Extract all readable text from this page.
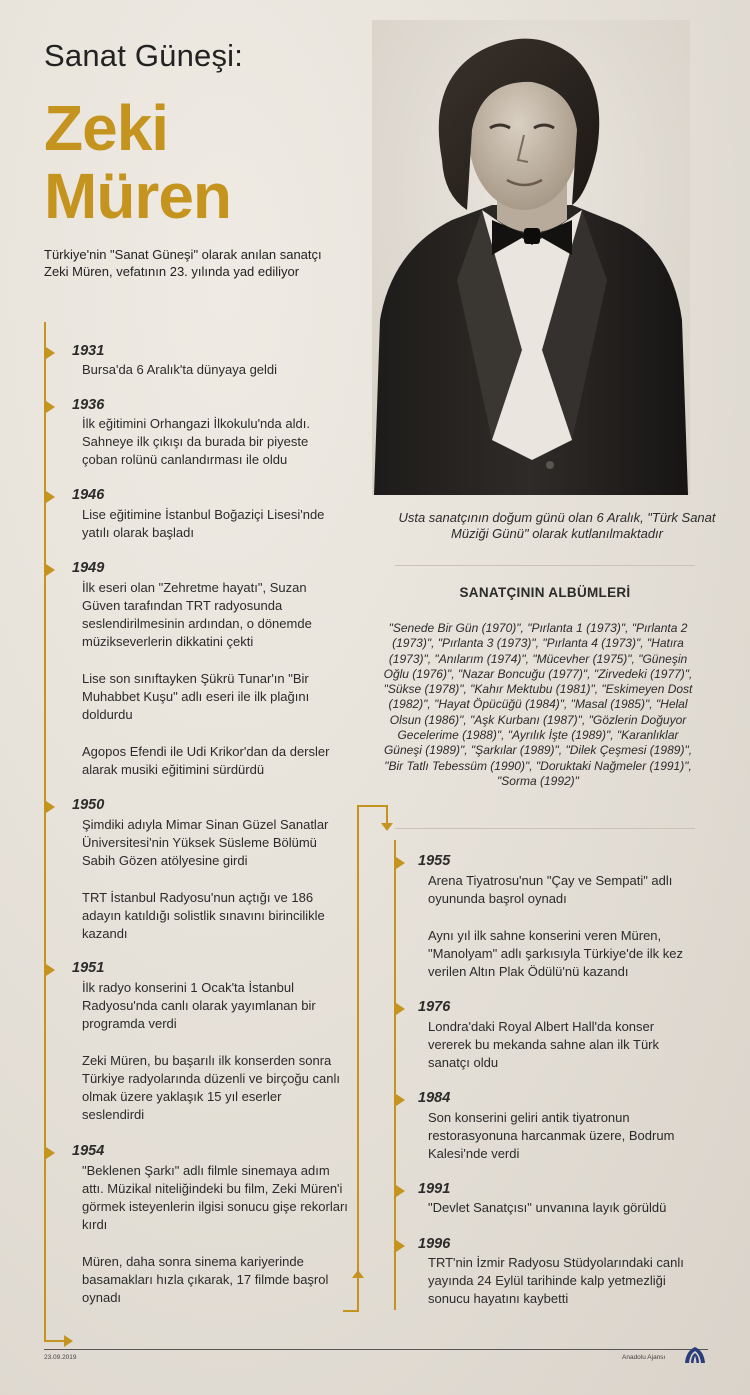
Sanat Güneşi:
Zeki
Müren
Türkiye'nin "Sanat Güneşi" olarak anılan sanatçı Zeki Müren, vefatının 23. yılında yad ediliyor
Usta sanatçının doğum günü olan 6 Aralık, "Türk Sanat Müziği Günü" olarak kutlanılmaktadır
SANATÇININ ALBÜMLERİ
"Senede Bir Gün (1970)", "Pırlanta 1 (1973)", "Pırlanta 2 (1973)", "Pırlanta 3 (1973)", "Pırlanta 4 (1973)", "Hatıra (1973)", "Anılarım (1974)", "Mücevher (1975)", "Güneşin Oğlu (1976)", "Nazar Boncuğu (1977)", "Zirvedeki (1977)", "Sükse (1978)", "Kahır Mektubu (1981)", "Eskimeyen Dost (1982)", "Hayat Öpücüğü (1984)", "Masal (1985)", "Helal Olsun (1986)", "Aşk Kurbanı (1987)", "Gözlerin Doğuyor Gecelerime (1988)", "Ayrılık İşte (1989)", "Karanlıklar Güneşi (1989)", "Şarkılar (1989)", "Dilek Çeşmesi (1989)", "Bir Tatlı Tebessüm (1990)", "Doruktaki Nağmeler (1991)", "Sorma (1992)"
1931
Bursa'da 6 Aralık'ta dünyaya geldi
1936
İlk eğitimini Orhangazi İlkokulu'nda aldı. Sahneye ilk çıkışı da burada bir piyeste çoban rolünü canlandırması ile oldu
1946
Lise eğitimine İstanbul Boğaziçi Lisesi'nde yatılı olarak başladı
1949
İlk eseri olan "Zehretme hayatı", Suzan Güven tarafından TRT radyosunda seslendirilmesinin ardından, o dönemde müzikseverlerin dikkatini çekti
Lise son sınıftayken Şükrü Tunar'ın "Bir Muhabbet Kuşu" adlı eseri ile ilk plağını doldurdu
Agopos Efendi ile Udi Krikor'dan da dersler alarak musiki eğitimini sürdürdü
1950
Şimdiki adıyla Mimar Sinan Güzel Sanatlar Üniversitesi'nin Yüksek Süsleme Bölümü Sabih Gözen atölyesine girdi
TRT İstanbul Radyosu'nun açtığı ve 186 adayın katıldığı solistlik sınavını birincilikle kazandı
1951
İlk radyo konserini 1 Ocak'ta İstanbul Radyosu'nda canlı olarak yayımlanan bir programda verdi
Zeki Müren, bu başarılı ilk konserden sonra Türkiye radyolarında düzenli ve birçoğu canlı olmak üzere yaklaşık 15 yıl eserler seslendirdi
1954
"Beklenen Şarkı" adlı filmle sinemaya adım attı. Müzikal niteliğindeki bu film, Zeki Müren'i görmek isteyenlerin ilgisi sonucu gişe rekorları kırdı
Müren, daha sonra sinema kariyerinde basamakları hızla çıkarak, 17 filmde başrol oynadı
1955
Arena Tiyatrosu'nun "Çay ve Sempati" adlı oyununda başrol oynadı
Aynı yıl ilk sahne konserini veren Müren, "Manolyam" adlı şarkısıyla Türkiye'de ilk kez verilen Altın Plak Ödülü'nü kazandı
1976
Londra'daki Royal Albert Hall'da konser vererek bu mekanda sahne alan ilk Türk sanatçı oldu
1984
Son konserini geliri antik tiyatronun restorasyonuna harcanmak üzere, Bodrum Kalesi'nde verdi
1991
"Devlet Sanatçısı" unvanına layık görüldü
1996
TRT'nin İzmir Radyosu Stüdyolarındaki canlı yayında 24 Eylül tarihinde kalp yetmezliği sonucu hayatını kaybetti
23.09.2019	Anadolu Ajansı
